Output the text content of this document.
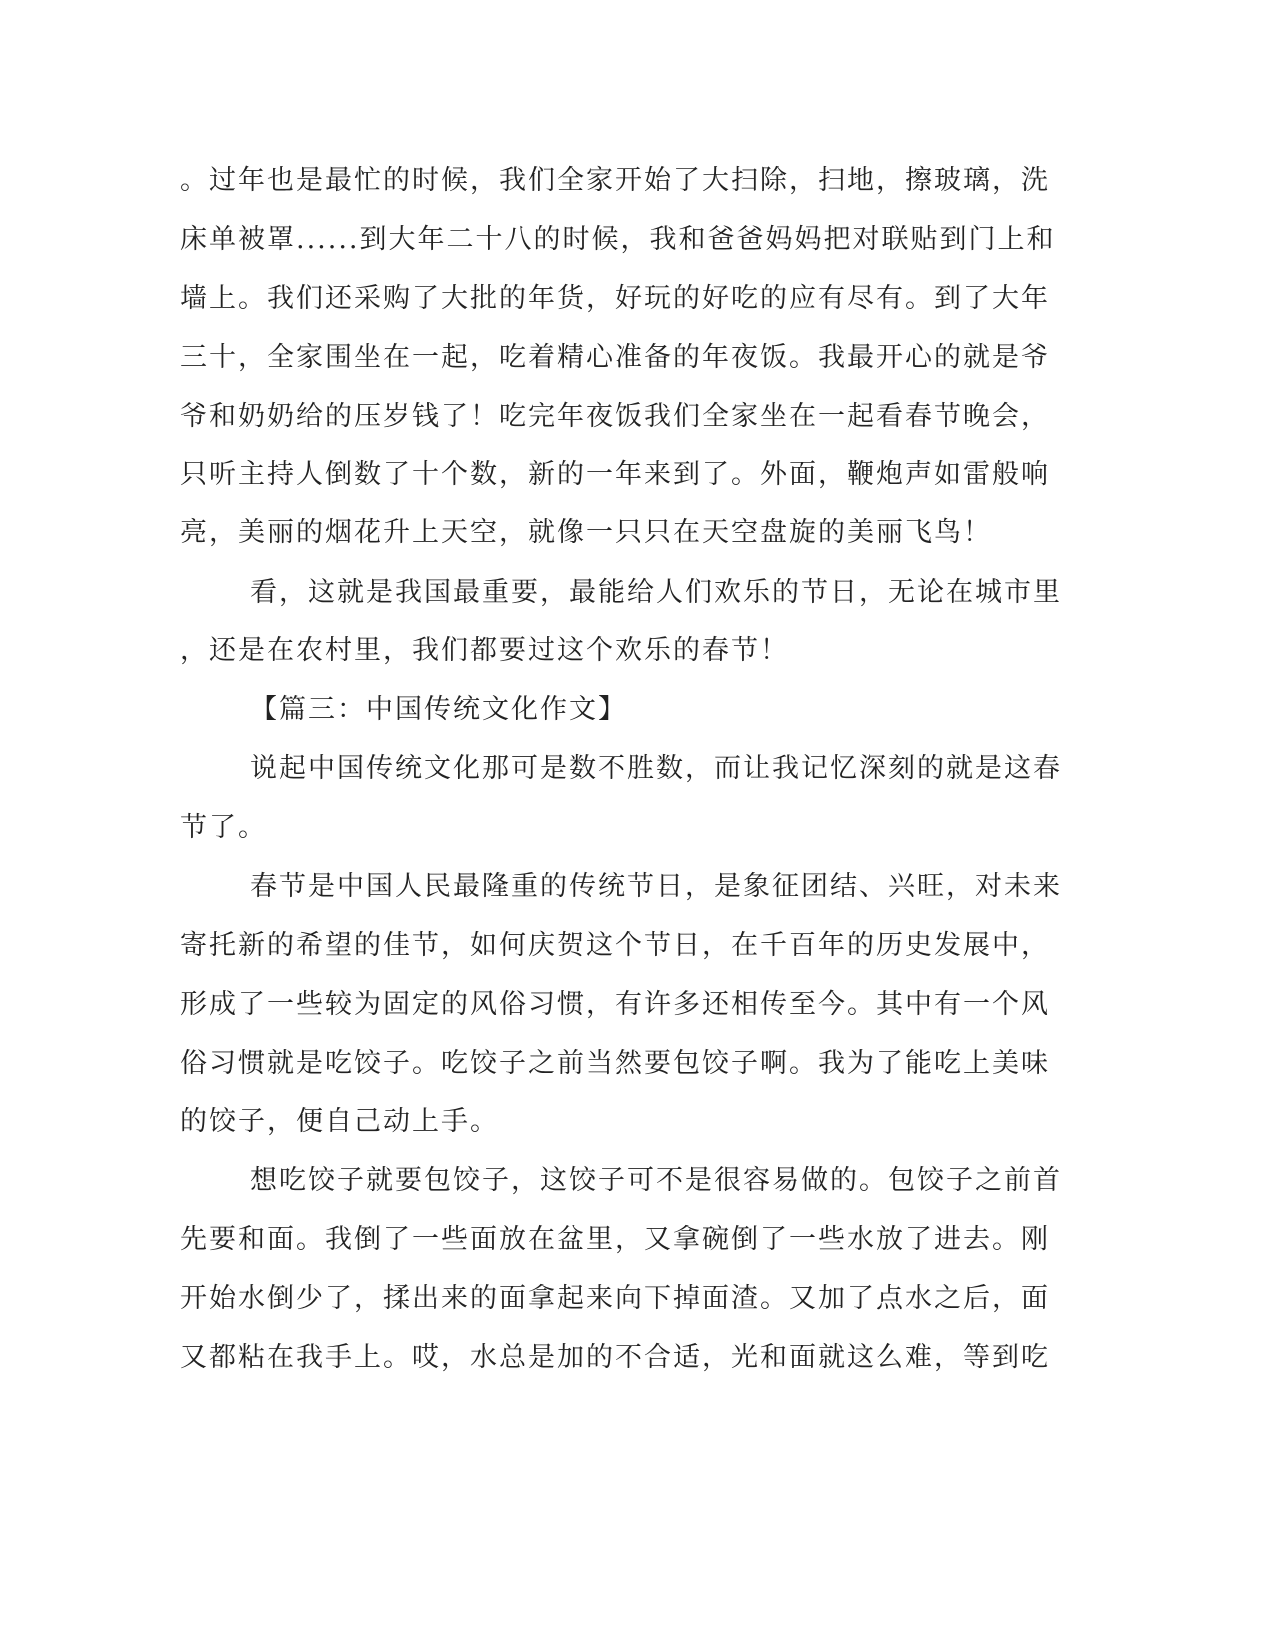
。过年也是最忙的时候，我们全家开始了大扫除，扫地，擦玻璃，洗
床单被罩......到大年二十八的时候，我和爸爸妈妈把对联贴到门上和
墙上。我们还采购了大批的年货，好玩的好吃的应有尽有。到了大年
三十，全家围坐在一起，吃着精心准备的年夜饭。我最开心的就是爷
爷和奶奶给的压岁钱了！吃完年夜饭我们全家坐在一起看春节晚会，
只听主持人倒数了十个数，新的一年来到了。外面，鞭炮声如雷般响
亮，美丽的烟花升上天空，就像一只只在天空盘旋的美丽飞鸟！
看，这就是我国最重要，最能给人们欢乐的节日，无论在城市里
，还是在农村里，我们都要过这个欢乐的春节！
【篇三：中国传统文化作文】
说起中国传统文化那可是数不胜数，而让我记忆深刻的就是这春
节了。
春节是中国人民最隆重的传统节日，是象征团结、兴旺，对未来
寄托新的希望的佳节，如何庆贺这个节日，在千百年的历史发展中，
形成了一些较为固定的风俗习惯，有许多还相传至今。其中有一个风
俗习惯就是吃饺子。吃饺子之前当然要包饺子啊。我为了能吃上美味
的饺子，便自己动上手。
想吃饺子就要包饺子，这饺子可不是很容易做的。包饺子之前首
先要和面。我倒了一些面放在盆里，又拿碗倒了一些水放了进去。刚
开始水倒少了，揉出来的面拿起来向下掉面渣。又加了点水之后，面
又都粘在我手上。哎，水总是加的不合适，光和面就这么难，等到吃
